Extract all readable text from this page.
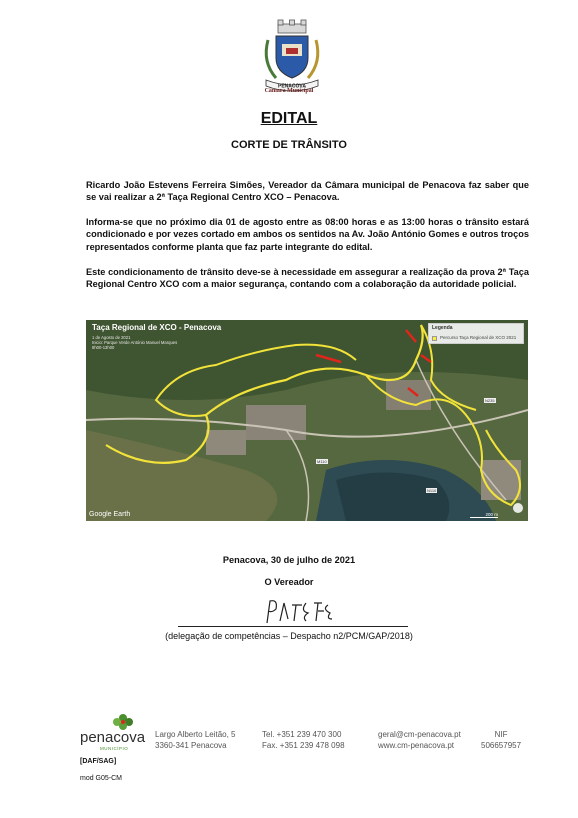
PENACOVA
Câmara Municipal
EDITAL
CORTE DE TRÂNSITO
Ricardo João Estevens Ferreira Simões, Vereador da Câmara municipal de Penacova faz saber que se vai realizar a 2ª Taça Regional Centro XCO – Penacova.
Informa-se que no próximo dia 01 de agosto entre as 08:00 horas e as 13:00 horas o trânsito estará condicionado e por vezes cortado em ambos os sentidos na Av. João António Gomes e outros troços representados conforme planta que faz parte integrante do edital.
Este condicionamento de trânsito deve-se à necessidade em assegurar a realização da prova 2ª Taça Regional Centro XCO com a maior segurança, contando com a colaboração da autoridade policial.
Taça Regional de XCO - Penacova
1 de Agosto de 2021
Inicio: Parque Verde António Manuel Marques
8h00-13h00
Legenda
Percurso Taça Regional de XCO 2021
N235
M110
N110
Google Earth	200 m
Penacova, 30 de julho de 2021
O Vereador
(delegação de competências – Despacho n2/PCM/GAP/2018)
penacova
MUNICÍPIO
Largo Alberto Leitão, 5
3360-341 Penacova
Tel. +351 239 470 300
Fax. +351 239 478 098
geral@cm-penacova.pt
www.cm-penacova.pt
NIF
506657957
[DAF/SAG]
mod G05-CM
